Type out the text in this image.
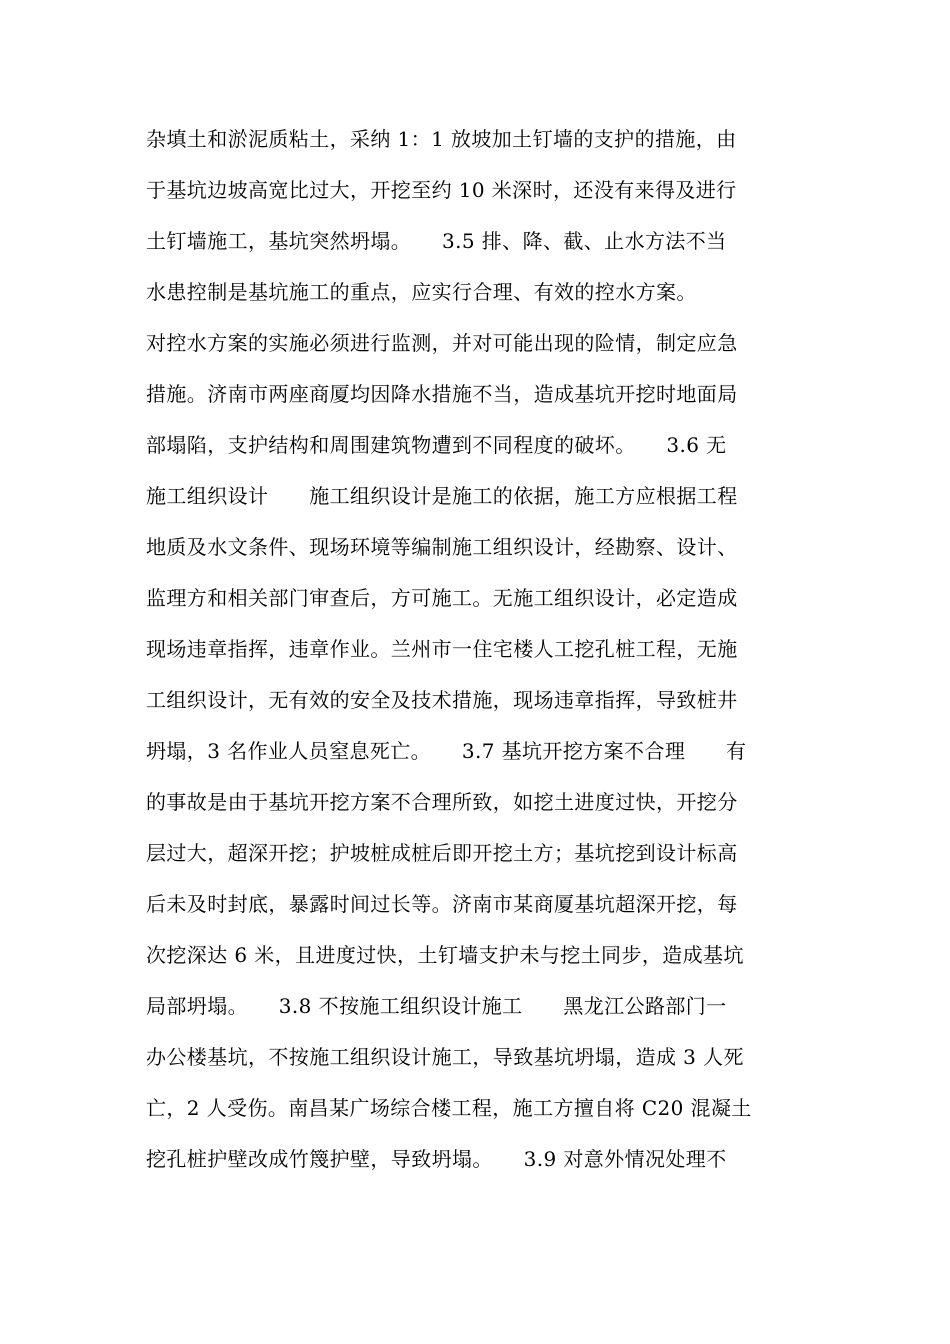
杂填土和淤泥质粘土，采纳 1：1 放坡加土钉墙的支护的措施，由
于基坑边坡高宽比过大，开挖至约 10 米深时，还没有来得及进行
土钉墙施工，基坑突然坍塌。　　3.5 排、降、截、止水方法不当
水患控制是基坑施工的重点，应实行合理、有效的控水方案。
对控水方案的实施必须进行监测，并对可能出现的险情，制定应急
措施。济南市两座商厦均因降水措施不当，造成基坑开挖时地面局
部塌陷，支护结构和周围建筑物遭到不同程度的破坏。　　3.6 无
施工组织设计　　施工组织设计是施工的依据，施工方应根据工程
地质及水文条件、现场环境等编制施工组织设计，经勘察、设计、
监理方和相关部门审查后，方可施工。无施工组织设计，必定造成
现场违章指挥，违章作业。兰州市一住宅楼人工挖孔桩工程，无施
工组织设计，无有效的安全及技术措施，现场违章指挥，导致桩井
坍塌，3 名作业人员窒息死亡。　　3.7 基坑开挖方案不合理　　有
的事故是由于基坑开挖方案不合理所致，如挖土进度过快，开挖分
层过大，超深开挖；护坡桩成桩后即开挖土方；基坑挖到设计标高
后未及时封底，暴露时间过长等。济南市某商厦基坑超深开挖，每
次挖深达 6 米，且进度过快，土钉墙支护未与挖土同步，造成基坑
局部坍塌。　　3.8 不按施工组织设计施工　　黑龙江公路部门一
办公楼基坑，不按施工组织设计施工，导致基坑坍塌，造成 3 人死
亡，2 人受伤。南昌某广场综合楼工程，施工方擅自将 C20 混凝土
挖孔桩护壁改成竹篾护壁，导致坍塌。　　3.9 对意外情况处理不
